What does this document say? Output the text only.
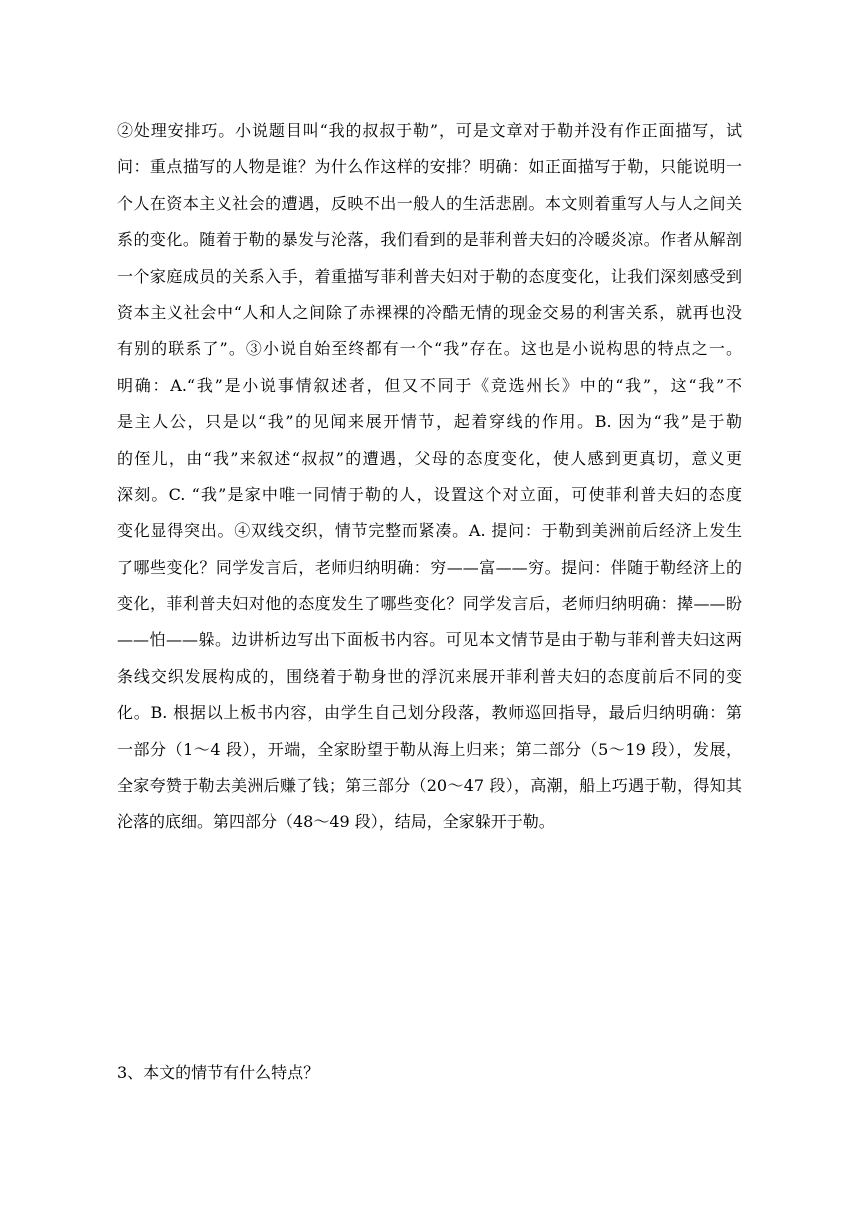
②处理安排巧。小说题目叫“我的叔叔于勒”，可是文章对于勒并没有作正面描写，试
问：重点描写的人物是谁？为什么作这样的安排？明确：如正面描写于勒，只能说明一
个人在资本主义社会的遭遇，反映不出一般人的生活悲剧。本文则着重写人与人之间关
系的变化。随着于勒的暴发与沦落，我们看到的是菲利普夫妇的冷暖炎凉。作者从解剖
一个家庭成员的关系入手，着重描写菲利普夫妇对于勒的态度变化，让我们深刻感受到
资本主义社会中“人和人之间除了赤裸裸的冷酷无情的现金交易的利害关系，就再也没
有别的联系了”。③小说自始至终都有一个“我”存在。这也是小说构思的特点之一。
明确：A.“我”是小说事情叙述者，但又不同于《竞选州长》中的“我”，这“我”不
是主人公，只是以“我”的见闻来展开情节，起着穿线的作用。B. 因为“我”是于勒
的侄儿，由“我”来叙述“叔叔”的遭遇，父母的态度变化，使人感到更真切，意义更
深刻。C. “我”是家中唯一同情于勒的人，设置这个对立面，可使菲利普夫妇的态度
变化显得突出。④双线交织，情节完整而紧凑。A. 提问：于勒到美洲前后经济上发生
了哪些变化？同学发言后，老师归纳明确：穷——富——穷。提问：伴随于勒经济上的
变化，菲利普夫妇对他的态度发生了哪些变化？同学发言后，老师归纳明确：撵——盼
——怕——躲。边讲析边写出下面板书内容。可见本文情节是由于勒与菲利普夫妇这两
条线交织发展构成的，围绕着于勒身世的浮沉来展开菲利普夫妇的态度前后不同的变
化。B. 根据以上板书内容，由学生自己划分段落，教师巡回指导，最后归纳明确：第
一部分（1～4 段），开端，全家盼望于勒从海上归来；第二部分（5～19 段），发展，
全家夸赞于勒去美洲后赚了钱；第三部分（20～47 段），高潮，船上巧遇于勒，得知其
沦落的底细。第四部分（48～49 段），结局，全家躲开于勒。
3、本文的情节有什么特点？
